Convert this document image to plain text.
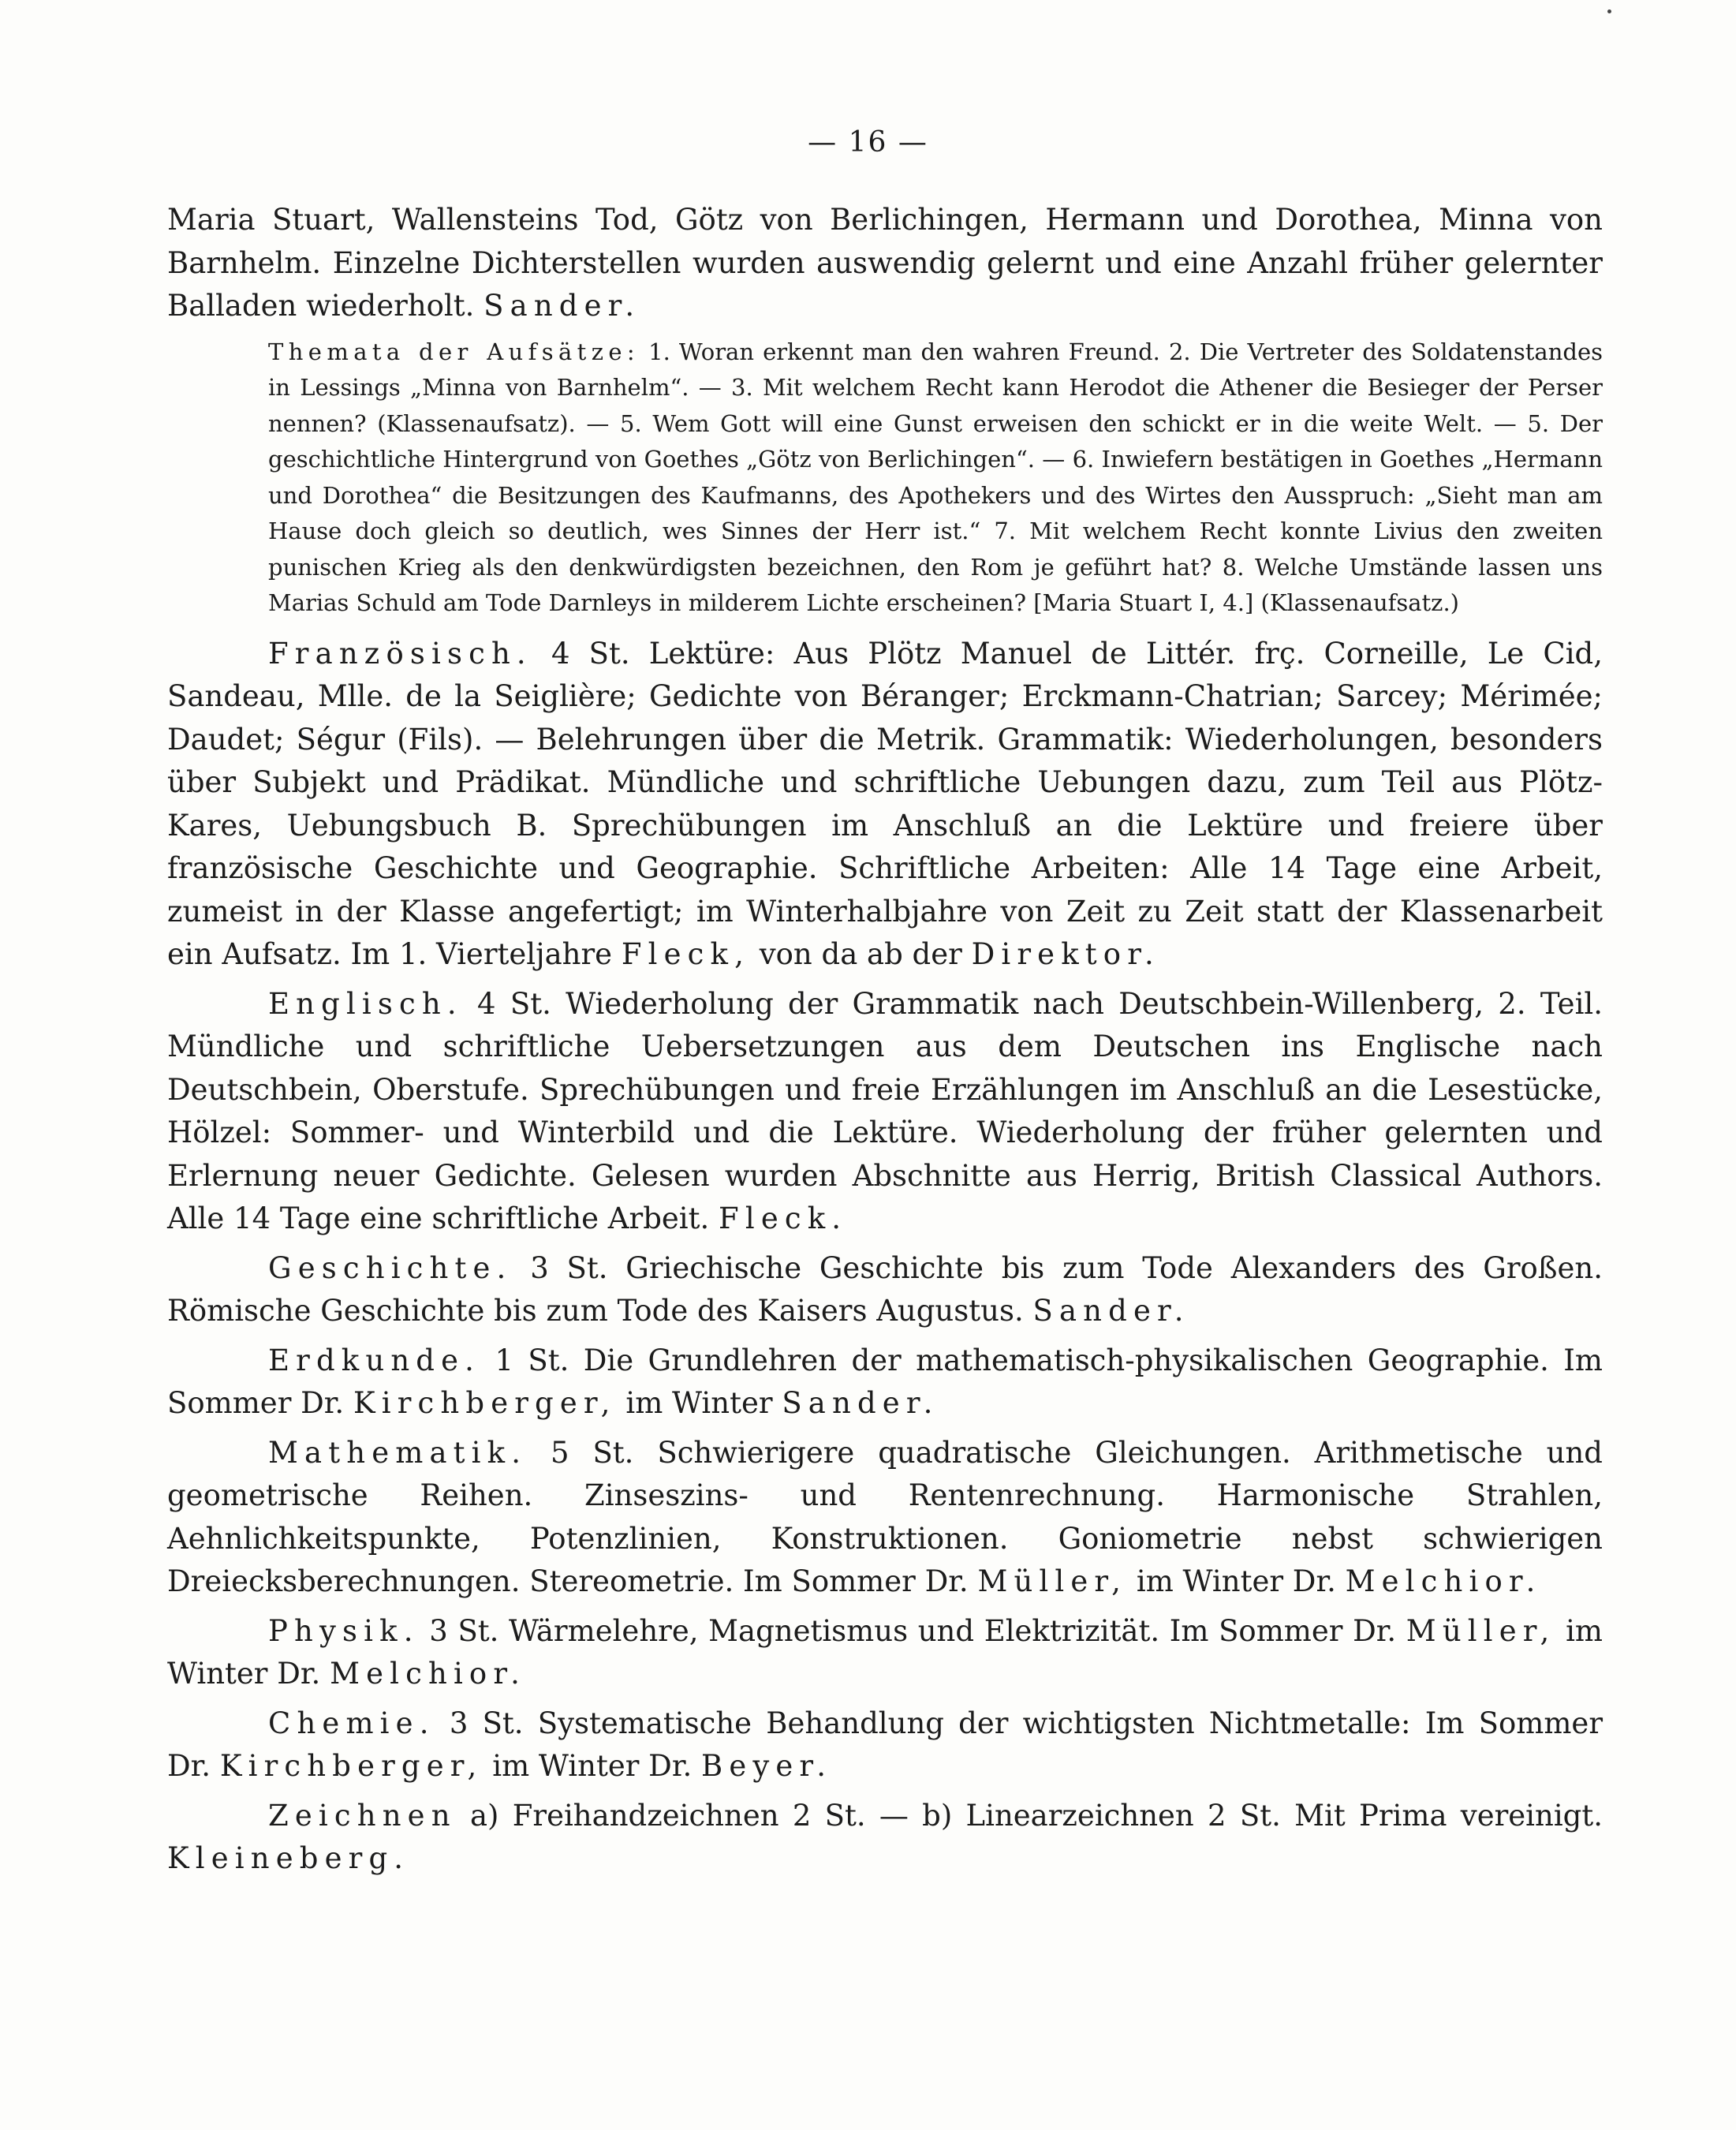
— 16 —

Maria Stuart, Wallensteins Tod, Götz von Berlichingen, Hermann und Dorothea, Minna von Barnhelm. Einzelne Dichterstellen wurden auswendig gelernt und eine Anzahl früher gelernter Balladen wiederholt. Sander.

Themata der Aufsätze: 1. Woran erkennt man den wahren Freund. 2. Die Vertreter des Soldatenstandes in Lessings „Minna von Barnhelm“. — 3. Mit welchem Recht kann Herodot die Athener die Besieger der Perser nennen? (Klassenaufsatz). — 5. Wem Gott will eine Gunst erweisen den schickt er in die weite Welt. — 5. Der geschichtliche Hintergrund von Goethes „Götz von Berlichingen“. — 6. Inwiefern bestätigen in Goethes „Hermann und Dorothea“ die Besitzungen des Kaufmanns, des Apothekers und des Wirtes den Ausspruch: „Sieht man am Hause doch gleich so deutlich, wes Sinnes der Herr ist.“ 7. Mit welchem Recht konnte Livius den zweiten punischen Krieg als den denkwürdigsten bezeichnen, den Rom je geführt hat? 8. Welche Umstände lassen uns Marias Schuld am Tode Darnleys in milderem Lichte erscheinen? [Maria Stuart I, 4.] (Klassenaufsatz.)

Französisch. 4 St. Lektüre: Aus Plötz Manuel de Littér. frç. Corneille, Le Cid, Sandeau, Mlle. de la Seiglière; Gedichte von Béranger; Erckmann-Chatrian; Sarcey; Mérimée; Daudet; Ségur (Fils). — Belehrungen über die Metrik. Grammatik: Wiederholungen, besonders über Subjekt und Prädikat. Mündliche und schriftliche Uebungen dazu, zum Teil aus Plötz-Kares, Uebungsbuch B. Sprechübungen im Anschluß an die Lektüre und freiere über französische Geschichte und Geographie. Schriftliche Arbeiten: Alle 14 Tage eine Arbeit, zumeist in der Klasse angefertigt; im Winterhalbjahre von Zeit zu Zeit statt der Klassenarbeit ein Aufsatz. Im 1. Vierteljahre Fleck, von da ab der Direktor.

Englisch. 4 St. Wiederholung der Grammatik nach Deutschbein-Willenberg, 2. Teil. Mündliche und schriftliche Uebersetzungen aus dem Deutschen ins Englische nach Deutschbein, Oberstufe. Sprechübungen und freie Erzählungen im Anschluß an die Lesestücke, Hölzel: Sommer- und Winterbild und die Lektüre. Wiederholung der früher gelernten und Erlernung neuer Gedichte. Gelesen wurden Abschnitte aus Herrig, British Classical Authors. Alle 14 Tage eine schriftliche Arbeit. Fleck.

Geschichte. 3 St. Griechische Geschichte bis zum Tode Alexanders des Großen. Römische Geschichte bis zum Tode des Kaisers Augustus. Sander.

Erdkunde. 1 St. Die Grundlehren der mathematisch-physikalischen Geographie. Im Sommer Dr. Kirchberger, im Winter Sander.

Mathematik. 5 St. Schwierigere quadratische Gleichungen. Arithmetische und geometrische Reihen. Zinseszins- und Rentenrechnung. Harmonische Strahlen, Aehnlichkeitspunkte, Potenzlinien, Konstruktionen. Goniometrie nebst schwierigen Dreiecksberechnungen. Stereometrie. Im Sommer Dr. Müller, im Winter Dr. Melchior.

Physik. 3 St. Wärmelehre, Magnetismus und Elektrizität. Im Sommer Dr. Müller, im Winter Dr. Melchior.

Chemie. 3 St. Systematische Behandlung der wichtigsten Nichtmetalle: Im Sommer Dr. Kirchberger, im Winter Dr. Beyer.

Zeichnen a) Freihandzeichnen 2 St. — b) Linearzeichnen 2 St. Mit Prima vereinigt. Kleineberg.
